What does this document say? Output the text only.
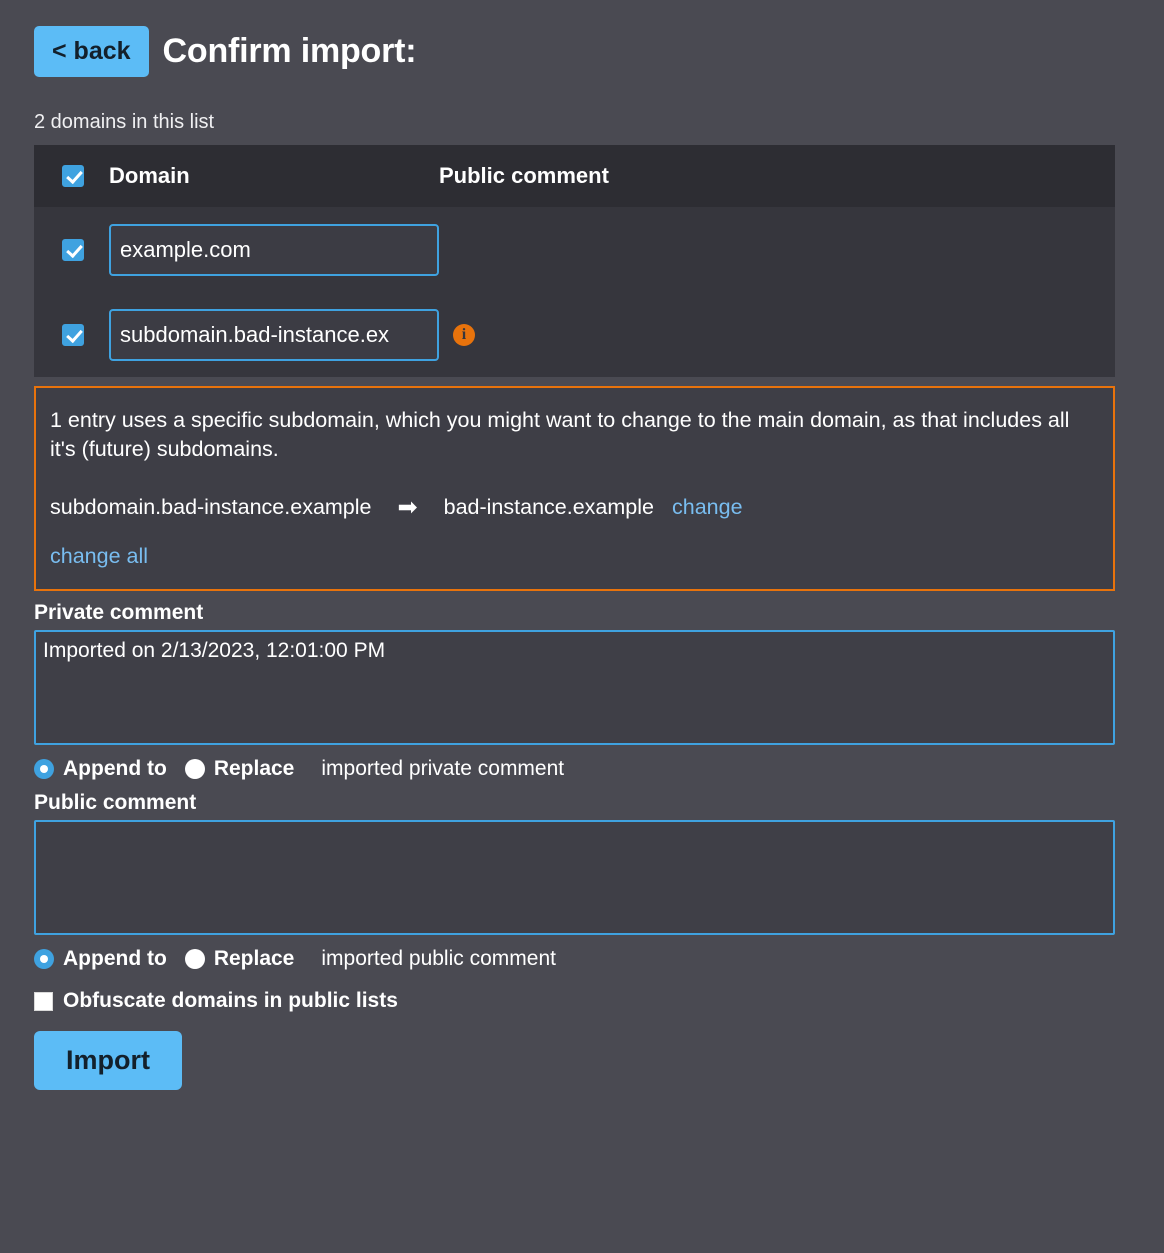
< back Confirm import:
2 domains in this list
Domain	Public comment
example.com
subdomain.bad-instance.ex
i
1 entry uses a specific subdomain, which you might want to change to the main domain, as that includes all it's (future) subdomains.
subdomain.bad-instance.example	➡	bad-instance.example change
change all
Private comment
Imported on 2/13/2023, 12:01:00 PM
Append to Replace imported private comment
Public comment
Append to Replace imported public comment
Obfuscate domains in public lists
Import
